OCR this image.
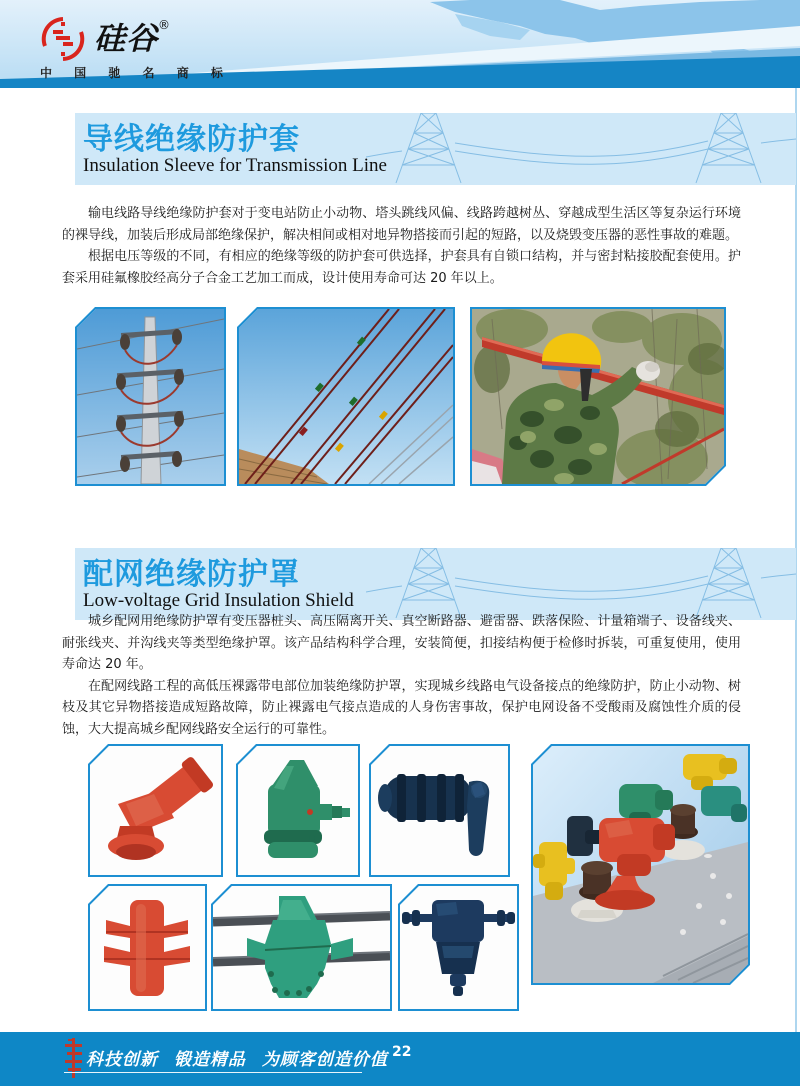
硅谷®
中 国 驰 名 商 标
导线绝缘防护套
Insulation Sleeve for Transmission Line

输电线路导线绝缘防护套对于变电站防止小动物、塔头跳线风偏、线路跨越树丛、穿越成型生活区等复杂运行环境的裸导线，加装后形成局部绝缘保护，解决相间或相对地异物搭接而引起的短路，以及烧毁变压器的恶性事故的难题。

根据电压等级的不同，有相应的绝缘等级的防护套可供选择，护套具有自锁口结构，并与密封粘接胶配套使用。护套采用硅氟橡胶经高分子合金工艺加工而成，设计使用寿命可达 20 年以上。

配网绝缘防护罩
Low-voltage Grid Insulation Shield

城乡配网用绝缘防护罩有变压器桩头、高压隔离开关、真空断路器、避雷器、跌落保险、计量箱端子、设备线夹、耐张线夹、并沟线夹等类型绝缘护罩。该产品结构科学合理，安装简便，扣接结构便于检修时拆装，可重复使用，使用寿命达 20 年。

在配网线路工程的高低压裸露带电部位加装绝缘防护罩，实现城乡线路电气设备接点的绝缘防护，防止小动物、树枝及其它异物搭接造成短路故障，防止裸露电气接点造成的人身伤害事故，保护电网设备不受酸雨及腐蚀性介质的侵蚀，大大提高城乡配网线路安全运行的可靠性。

科技创新 锻造精品 为顾客创造价值 22
